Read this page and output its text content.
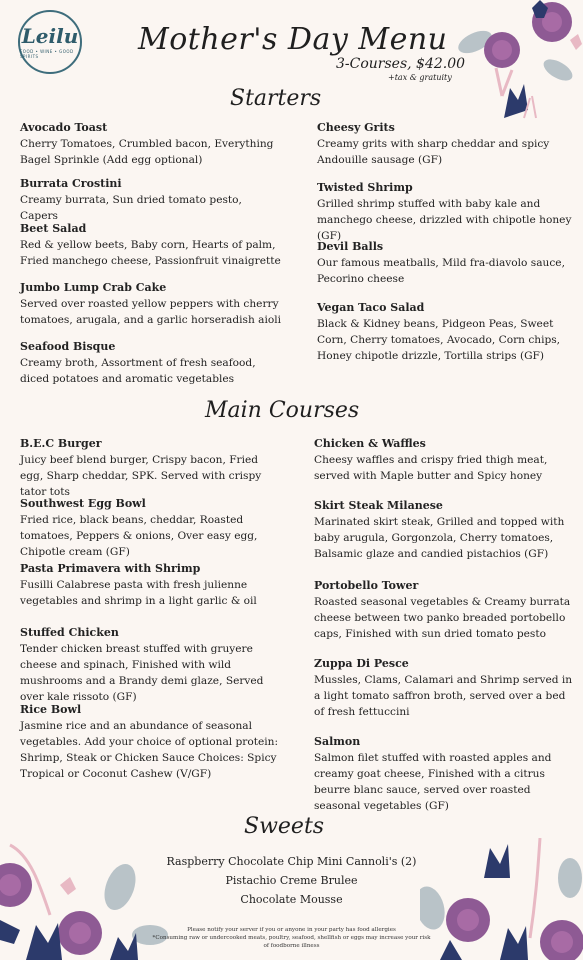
Leilu
FOOD • WINE • GOOD SPIRITS	Mother's Day Menu
3-Courses, $42.00
+tax & gratuity
Starters
Avocado Toast
Cherry Tomatoes, Crumbled bacon, Everything Bagel Sprinkle (Add egg optional)
Burrata Crostini
Creamy burrata, Sun dried tomato pesto, Capers
Beet Salad
Red & yellow beets, Baby corn, Hearts of palm, Fried manchego cheese, Passionfruit vinaigrette
Jumbo Lump Crab Cake
Served over roasted yellow peppers with cherry tomatoes, arugala, and a garlic horseradish aioli
Seafood Bisque
Creamy broth, Assortment of fresh seafood, diced potatoes and aromatic vegetables
Cheesy Grits
Creamy grits with sharp cheddar and spicy Andouille sausage (GF)
Twisted Shrimp
Grilled shrimp stuffed with baby kale and manchego cheese, drizzled with chipotle honey (GF)
Devil Balls
Our famous meatballs, Mild fra-diavolo sauce, Pecorino cheese
Vegan Taco Salad
Black & Kidney beans, Pidgeon Peas, Sweet Corn, Cherry tomatoes, Avocado, Corn chips, Honey chipotle drizzle, Tortilla strips (GF)
Main Courses
B.E.C Burger
Juicy beef blend burger, Crispy bacon, Fried egg, Sharp cheddar, SPK. Served with crispy tator tots
Southwest Egg Bowl
Fried rice, black beans, cheddar, Roasted tomatoes, Peppers & onions, Over easy egg, Chipotle cream (GF)
Pasta Primavera with Shrimp
Fusilli Calabrese pasta with fresh julienne vegetables and shrimp in a light garlic & oil
Stuffed Chicken
Tender chicken breast stuffed with gruyere cheese and spinach, Finished with wild mushrooms and a Brandy demi glaze, Served over kale rissoto (GF)
Rice Bowl
Jasmine rice and an abundance of seasonal vegetables. Add your choice of optional protein: Shrimp, Steak or Chicken Sauce Choices: Spicy Tropical or Coconut Cashew (V/GF)
Chicken & Waffles
Cheesy waffles and crispy fried thigh meat, served with Maple butter and Spicy honey
Skirt Steak Milanese
Marinated skirt steak, Grilled and topped with baby arugula, Gorgonzola, Cherry tomatoes, Balsamic glaze and candied pistachios (GF)
Portobello Tower
Roasted seasonal vegetables & Creamy burrata cheese between two panko breaded portobello caps, Finished with sun dried tomato pesto
Zuppa Di Pesce
Mussles, Clams, Calamari and Shrimp served in a light tomato saffron broth, served over a bed of fresh fettuccini
Salmon
Salmon filet stuffed with roasted apples and creamy goat cheese, Finished with a citrus beurre blanc sauce, served over roasted seasonal vegetables (GF)
Sweets
Raspberry Chocolate Chip Mini Cannoli's (2)
Pistachio Creme Brulee
Chocolate Mousse
Please notify your server if you or anyone in your party has food allergies
*Consuming raw or undercooked meats, poultry, seafood, shellfish or eggs may increase your risk of foodborne illness
